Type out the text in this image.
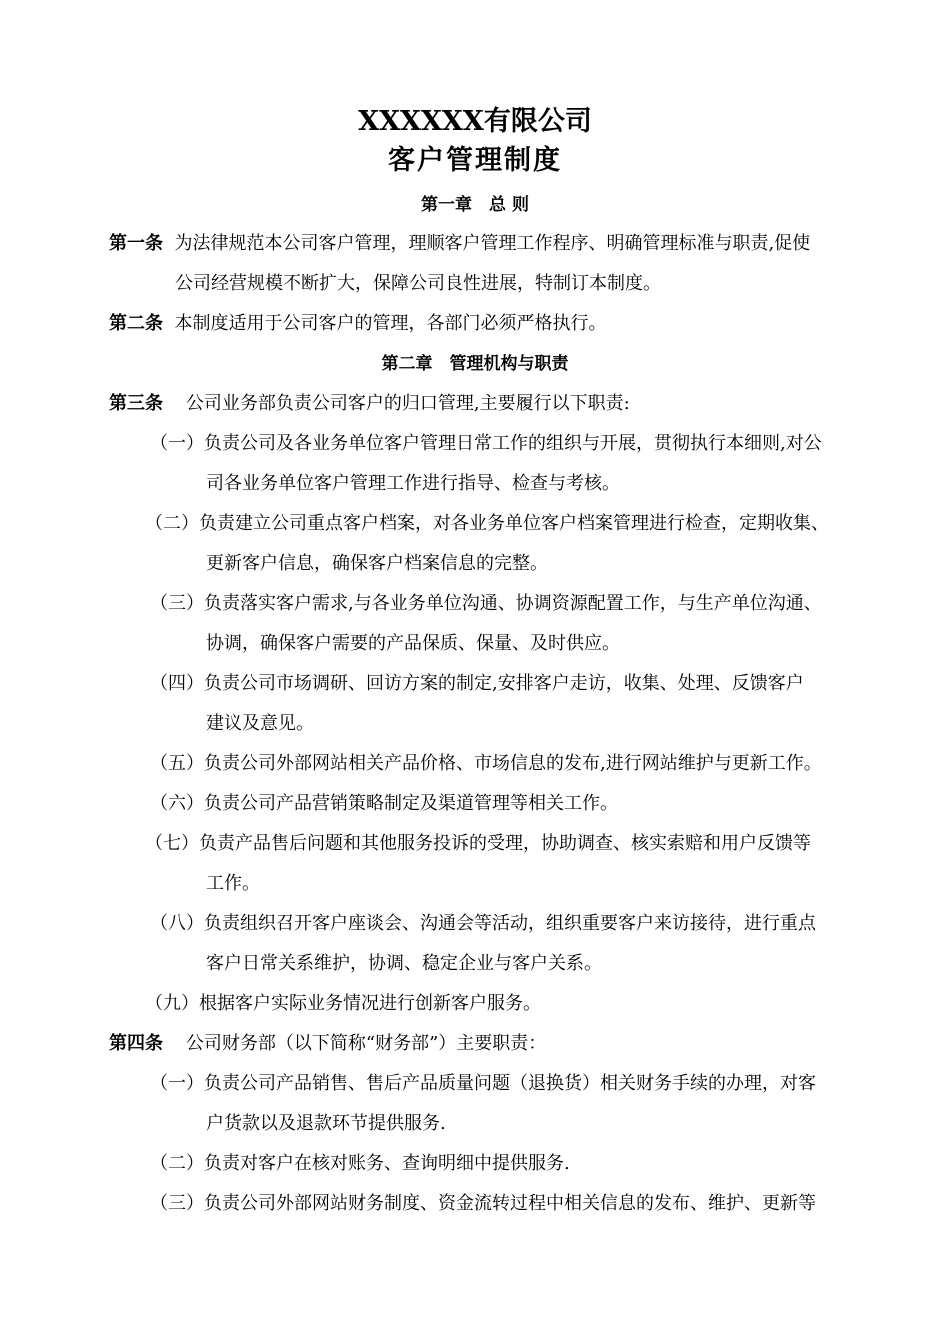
XXXXXX有限公司
客户管理制度
第一章　总 则
第一条 为法律规范本公司客户管理，理顺客户管理工作程序、明确管理标准与职责,促使
公司经营规模不断扩大，保障公司良性进展，特制订本制度。
第二条 本制度适用于公司客户的管理，各部门必须严格执行。
第二章　管理机构与职责
第三条 公司业务部负责公司客户的归口管理,主要履行以下职责:
（一）负责公司及各业务单位客户管理日常工作的组织与开展，贯彻执行本细则,对公
司各业务单位客户管理工作进行指导、检查与考核。
（二）负责建立公司重点客户档案，对各业务单位客户档案管理进行检查，定期收集、
更新客户信息，确保客户档案信息的完整。
（三）负责落实客户需求,与各业务单位沟通、协调资源配置工作，与生产单位沟通、
协调，确保客户需要的产品保质、保量、及时供应。
（四）负责公司市场调研、回访方案的制定,安排客户走访，收集、处理、反馈客户
建议及意见。
（五）负责公司外部网站相关产品价格、市场信息的发布,进行网站维护与更新工作。
（六）负责公司产品营销策略制定及渠道管理等相关工作。
（七）负责产品售后问题和其他服务投诉的受理，协助调查、核实索赔和用户反馈等
工作。
（八）负责组织召开客户座谈会、沟通会等活动，组织重要客户来访接待，进行重点
客户日常关系维护，协调、稳定企业与客户关系。
（九）根据客户实际业务情况进行创新客户服务。
第四条 公司财务部（以下简称“财务部”）主要职责：
（一）负责公司产品销售、售后产品质量问题（退换货）相关财务手续的办理，对客
户货款以及退款环节提供服务.
（二）负责对客户在核对账务、查询明细中提供服务.
（三）负责公司外部网站财务制度、资金流转过程中相关信息的发布、维护、更新等
